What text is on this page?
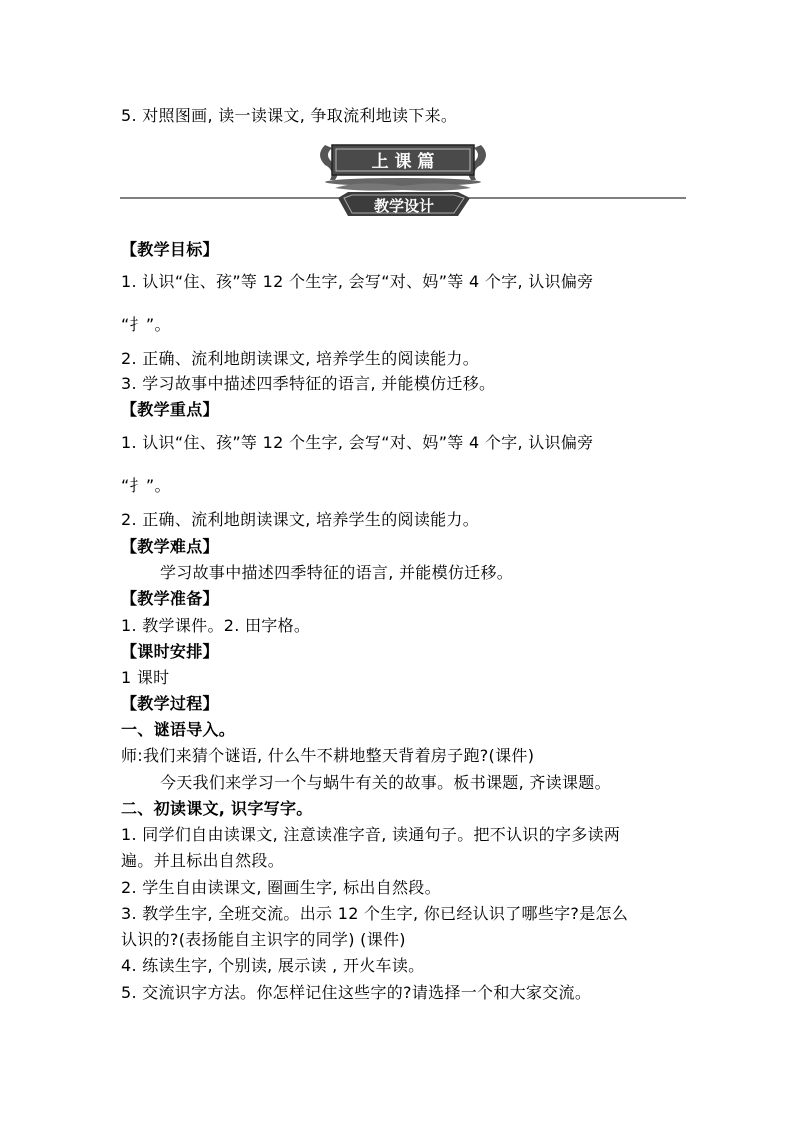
5. 对照图画, 读一读课文, 争取流利地读下来。
上 课 篇
教学设计
【教学目标】
1. 认识“住、孩”等 12 个生字, 会写“对、妈”等 4 个字, 认识偏旁
“扌”。
2. 正确、流利地朗读课文, 培养学生的阅读能力。
3. 学习故事中描述四季特征的语言, 并能模仿迁移。
【教学重点】
1. 认识“住、孩”等 12 个生字, 会写“对、妈”等 4 个字, 认识偏旁
“扌”。
2. 正确、流利地朗读课文, 培养学生的阅读能力。
【教学难点】
学习故事中描述四季特征的语言, 并能模仿迁移。
【教学准备】
1. 教学课件。2. 田字格。
【课时安排】
1 课时
【教学过程】
一、谜语导入。
师:我们来猜个谜语, 什么牛不耕地整天背着房子跑?(课件)
今天我们来学习一个与蜗牛有关的故事。板书课题, 齐读课题。
二、初读课文, 识字写字。
1. 同学们自由读课文, 注意读准字音, 读通句子。把不认识的字多读两
遍。并且标出自然段。
2. 学生自由读课文, 圈画生字, 标出自然段。
3. 教学生字, 全班交流。出示 12 个生字, 你已经认识了哪些字?是怎么
认识的?(表扬能自主识字的同学) (课件)
4. 练读生字, 个别读, 展示读 , 开火车读。
5. 交流识字方法。你怎样记住这些字的?请选择一个和大家交流。
